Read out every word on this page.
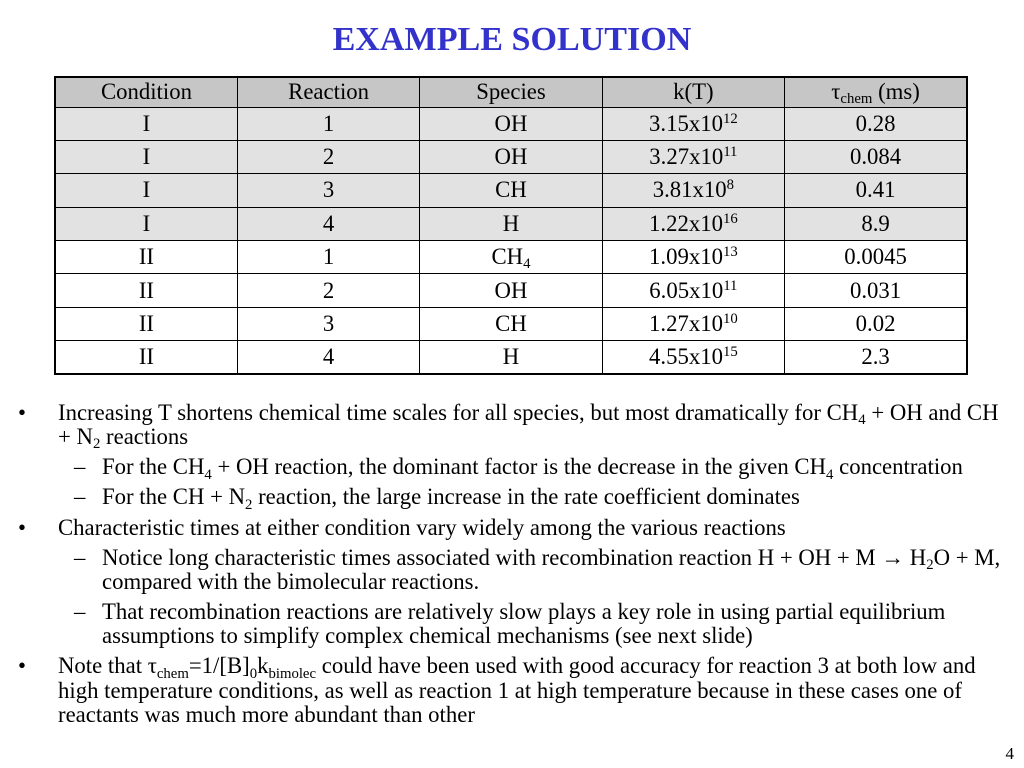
EXAMPLE SOLUTION
Condition	Reaction	Species	k(T)	$\tau_{chem}$ (ms)
I	1	OH	$3.15x10^{12}$	0.28
I	2	OH	$3.27x10^{11}$	0.084
I	3	CH	$3.81x10^8$	0.41
I	4	H	$1.22x10^{16}$	8.9
II	1	$CH_4$	$1.09x10^{13}$	0.0045
II	2	OH	$6.05x10^{11}$	0.031
II	3	CH	$1.27x10^{10}$	0.02
II	4	H	$4.55x10^{15}$	2.3
• Increasing T shortens chemical time scales for all species, but most dramatically for $CH_4$ + OH and CH
+ $N_2$ reactions
– For the $CH_4$ + OH reaction, the dominant factor is the decrease in the given $CH_4$ concentration
– For the CH + $N_2$ reaction, the large increase in the rate coefficient dominates
• Characteristic times at either condition vary widely among the various reactions
– Notice long characteristic times associated with recombination reaction H + OH + $M \to H_2O + M$,
compared with the bimolecular reactions.
– That recombination reactions are relatively slow plays a key role in using partial equilibrium
assumptions to simplify complex chemical mechanisms (see next slide)
• Note that $\tau_{chem}=1/[B]_0k_{bimolec}$ could have been used with good accuracy for reaction 3 at both low and
high temperature conditions, as well as reaction 1 at high temperature because in these cases one of
reactants was much more abundant than other
4
